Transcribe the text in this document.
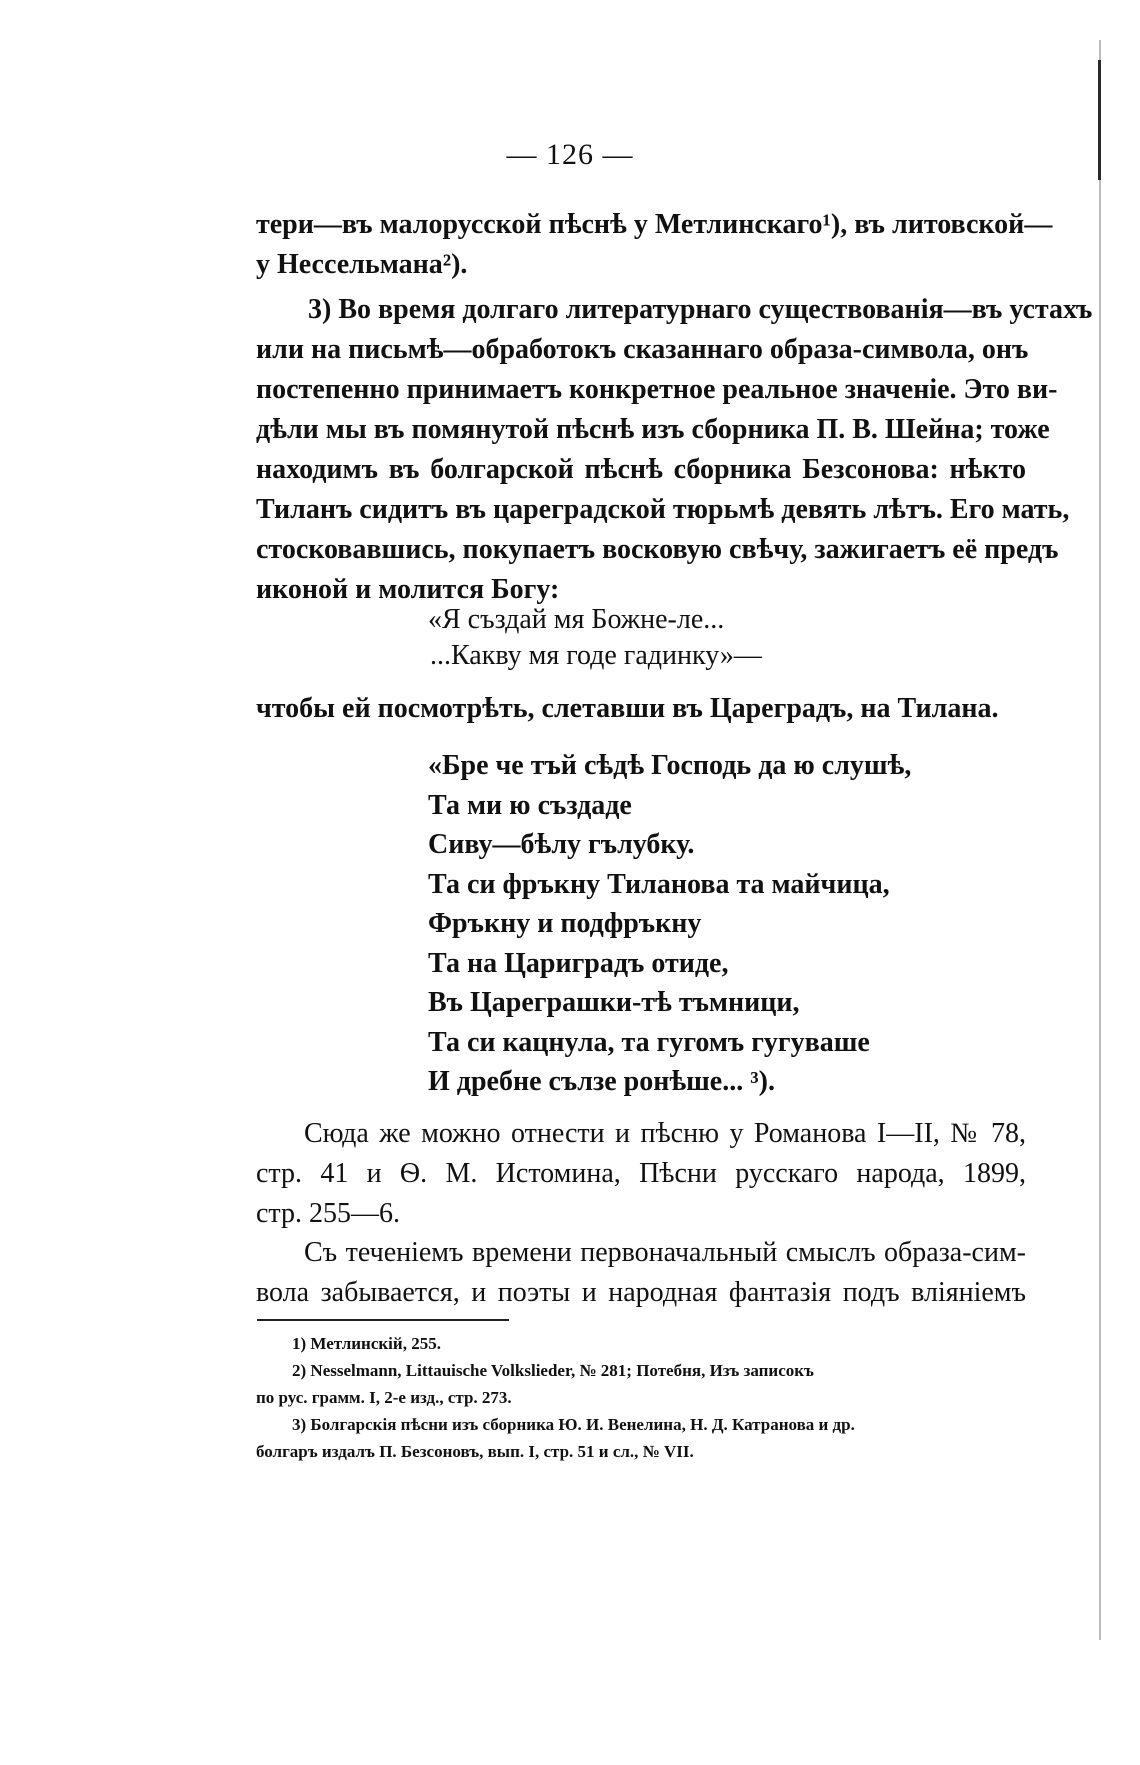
— 126 —
тери—въ малорусской пѣснѣ у Метлинскаго¹), въ литовской—
у Нессельмана²).
3) Во время долгаго литературнаго существованія—въ устахъ
или на письмѣ—обработокъ сказаннаго образа-символа, онъ
постепенно принимаетъ конкретное реальное значеніе. Это ви-
дѣли мы въ помянутой пѣснѣ изъ сборника П. В. Шейна; тоже
находимъ въ болгарской пѣснѣ сборника Безсонова: нѣкто
Тиланъ сидитъ въ цареградской тюрьмѣ девять лѣтъ. Его мать,
стосковавшись, покупаетъ восковую свѣчу, зажигаетъ её предъ
иконой и молится Богу:
«Я създай мя Божне-ле...
...Какву мя годе гадинку»—
чтобы ей посмотрѣть, слетавши въ Цареградъ, на Тилана.
«Бре че тъй сѣдѣ Господь да ю слушѣ,
Та ми ю създаде
Сиву—бѣлу гълубку.
Та си фръкну Тиланова та майчица,
Фръкну и подфръкну
Та на Цариградъ отиде,
Въ Цареграшки-тѣ тъмници,
Та си кацнула, та гугомъ гугуваше
И дребне сълзе ронѣше... ³).
Сюда же можно отнести и пѣсню у Романова I—II, № 78,
стр. 41 и Ѳ. М. Истомина, Пѣсни русскаго народа, 1899,
стр. 255—6.
Съ теченіемъ времени первоначальный смыслъ образа-сим-
вола забывается, и поэты и народная фантазія подъ вліяніемъ
1) Метлинскій, 255.
2) Nesselmann, Littauische Volkslieder, № 281; Потебня, Изъ записокъ
по рус. грамм. I, 2-е изд., стр. 273.
3) Болгарскія пѣсни изъ сборника Ю. И. Венелина, Н. Д. Катранова и др.
болгаръ издалъ П. Безсоновъ, вып. I, стр. 51 и сл., № VII.
